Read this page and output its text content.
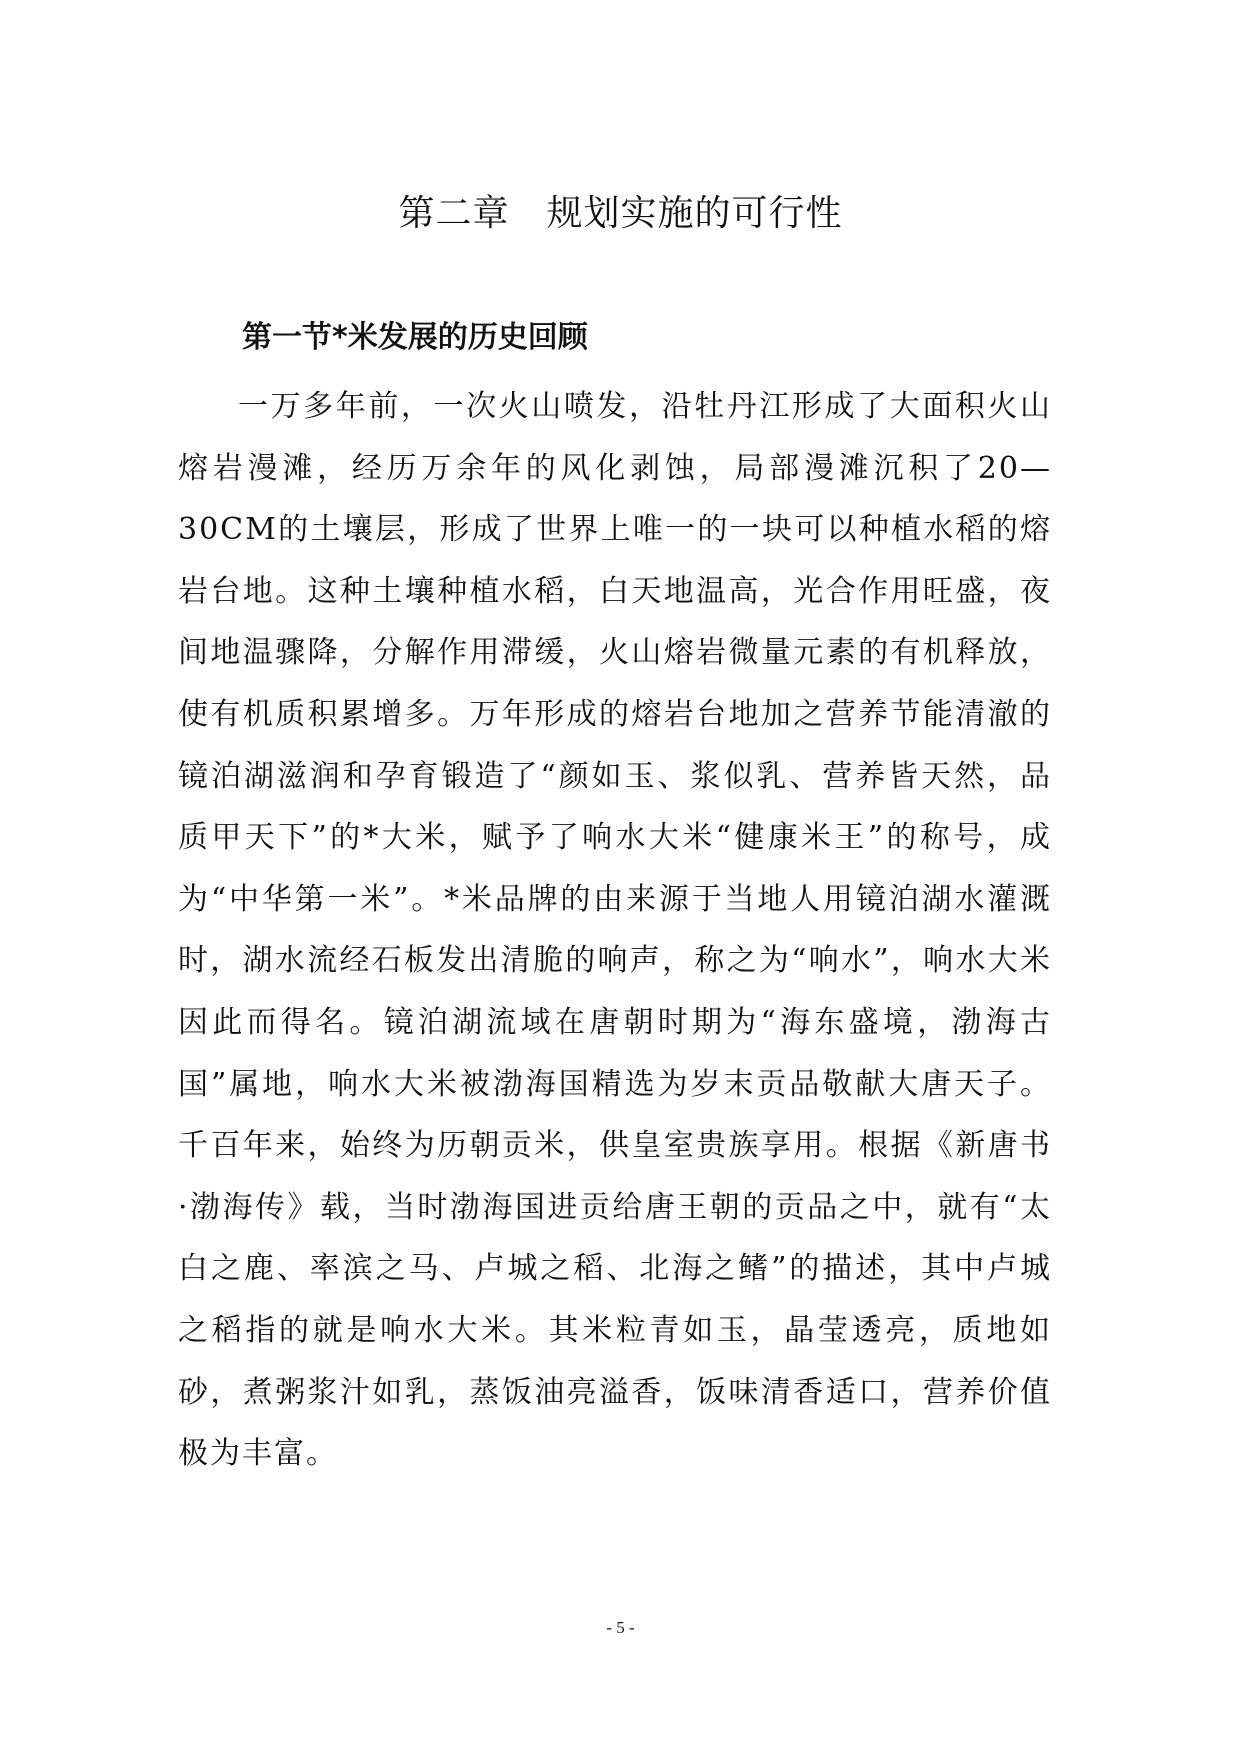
第二章　规划实施的可行性
第一节*米发展的历史回顾

一万多年前，一次火山喷发，沿牡丹江形成了大面积火山熔岩漫滩，经历万余年的风化剥蚀，局部漫滩沉积了20—30CM的土壤层，形成了世界上唯一的一块可以种植水稻的熔岩台地。这种土壤种植水稻，白天地温高，光合作用旺盛，夜间地温骤降，分解作用滞缓，火山熔岩微量元素的有机释放，使有机质积累增多。万年形成的熔岩台地加之营养节能清澈的镜泊湖滋润和孕育锻造了“颜如玉、浆似乳、营养皆天然，品质甲天下”的*大米，赋予了响水大米“健康米王”的称号，成为“中华第一米”。*米品牌的由来源于当地人用镜泊湖水灌溉时，湖水流经石板发出清脆的响声，称之为“响水”，响水大米因此而得名。镜泊湖流域在唐朝时期为“海东盛境，渤海古国”属地，响水大米被渤海国精选为岁末贡品敬献大唐天子。千百年来，始终为历朝贡米，供皇室贵族享用。根据《新唐书·渤海传》载，当时渤海国进贡给唐王朝的贡品之中，就有“太白之鹿、率滨之马、卢城之稻、北海之鳍”的描述，其中卢城之稻指的就是响水大米。其米粒青如玉，晶莹透亮，质地如砂，煮粥浆汁如乳，蒸饭油亮溢香，饭味清香适口，营养价值极为丰富。

- 5 -
